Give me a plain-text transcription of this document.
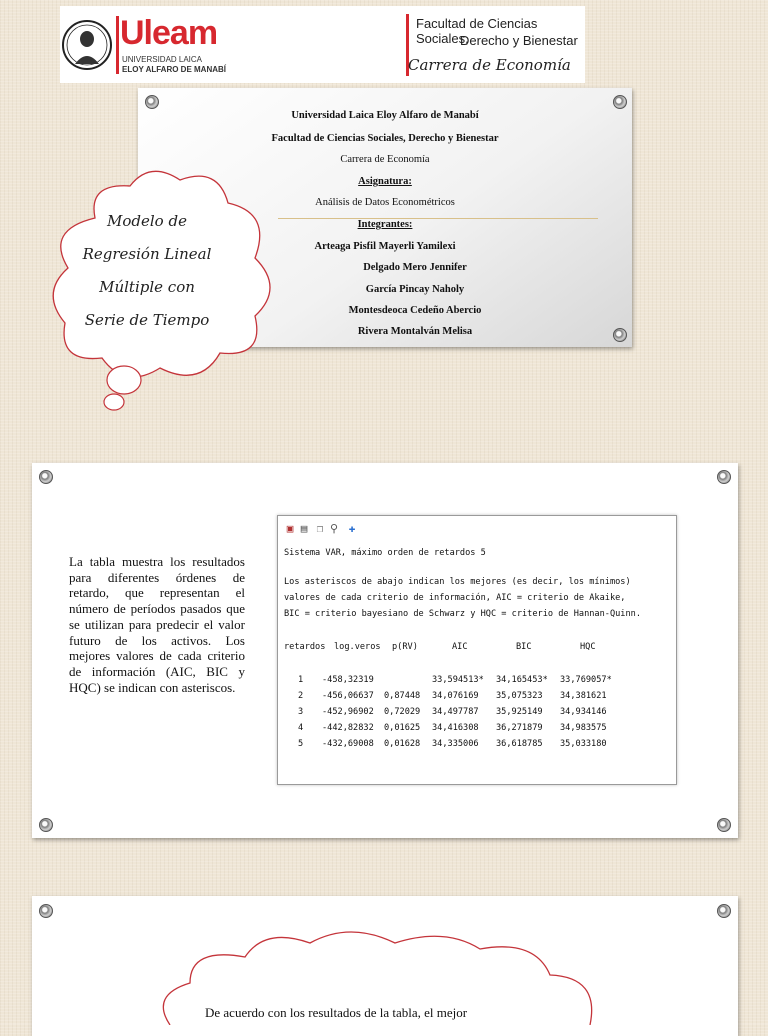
Uleam
UNIVERSIDAD LAICA
ELOY ALFARO DE MANABÍ
Facultad de Ciencias Sociales,
Derecho y Bienestar
Carrera de Economía

Universidad Laica Eloy Alfaro de Manabí

Facultad de Ciencias Sociales, Derecho y Bienestar

Carrera de Economía

Asignatura:

Análisis de Datos Econométricos

Integrantes:

Arteaga Pisfil Mayerli Yamilexi

Delgado Mero Jennifer

García Pincay Naholy

Montesdeoca Cedeño Abercio

Rivera Montalván Melisa

Modelo de
Regresión Lineal
Múltiple con
Serie de Tiempo
La tabla muestra los resultados para diferentes órdenes de retardo, que representan el número de períodos pasados que se utilizan para predecir el valor futuro de los activos. Los mejores valores de cada criterio de información (AIC, BIC y HQC) se indican con asteriscos.
▣ ▤ ❐ ⚲ ✚
Sistema VAR, máximo orden de retardos 5
Los asteriscos de abajo indican los mejores (es decir, los mínimos)
valores de cada criterio de información, AIC = criterio de Akaike,
BIC = criterio bayesiano de Schwarz y HQC = criterio de Hannan-Quinn.
retardos log.veros p(RV)	AIC	BIC	HQC
1 -458,32319	33,594513* 34,165453* 33,769057*
2 -456,06637 0,87448 34,076169 35,075323 34,381621
3 -452,96902 0,72029 34,497787 35,925149 34,934146
4 -442,82832 0,01625 34,416308 36,271879 34,983575
5 -432,69008 0,01628 34,335006 36,618785 35,033180
De acuerdo con los resultados de la tabla, el mejor
